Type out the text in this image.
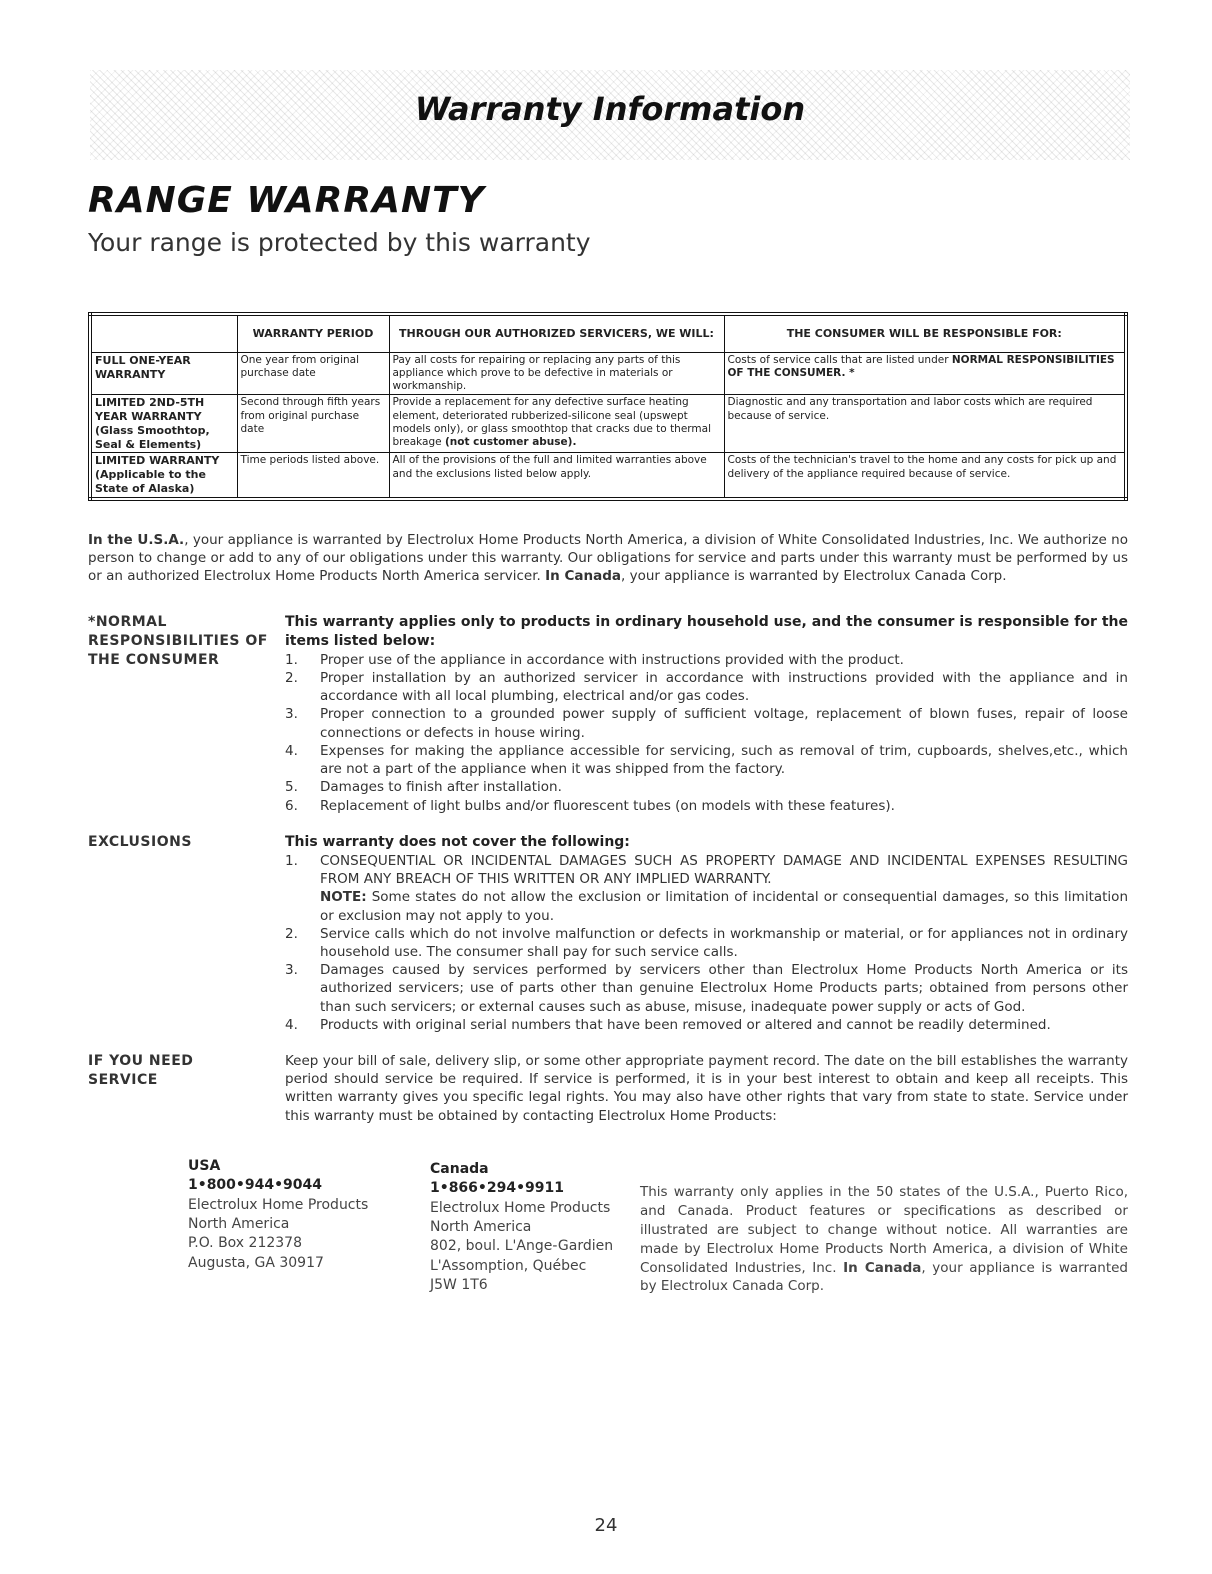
Warranty Information
RANGE WARRANTY
Your range is protected by this warranty
	WARRANTY PERIOD	THROUGH OUR AUTHORIZED SERVICERS, WE WILL:	THE CONSUMER WILL BE RESPONSIBLE FOR:
FULL ONE-YEAR WARRANTY	One year from original purchase date	Pay all costs for repairing or replacing any parts of this appliance which prove to be defective in materials or workmanship.	Costs of service calls that are listed under NORMAL RESPONSIBILITIES OF THE CONSUMER. *
LIMITED 2ND-5TH YEAR WARRANTY (Glass Smoothtop, Seal & Elements)	Second through fifth years from original purchase date	Provide a replacement for any defective surface heating element, deteriorated rubberized-silicone seal (upswept models only), or glass smoothtop that cracks due to thermal breakage (not customer abuse).	Diagnostic and any transportation and labor costs which are required because of service.
LIMITED WARRANTY (Applicable to the State of Alaska)	Time periods listed above.	All of the provisions of the full and limited warranties above and the exclusions listed below apply.	Costs of the technician's travel to the home and any costs for pick up and delivery of the appliance required because of service.
In the U.S.A., your appliance is warranted by Electrolux Home Products North America, a division of White Consolidated Industries, Inc. We authorize no person to change or add to any of our obligations under this warranty. Our obligations for service and parts under this warranty must be performed by us or an authorized Electrolux Home Products North America servicer. In Canada, your appliance is warranted by Electrolux Canada Corp.
*NORMAL RESPONSIBILITIES OF THE CONSUMER
This warranty applies only to products in ordinary household use, and the consumer is responsible for the items listed below:
1.	Proper use of the appliance in accordance with instructions provided with the product.
2.	Proper installation by an authorized servicer in accordance with instructions provided with the appliance and in accordance with all local plumbing, electrical and/or gas codes.
3.	Proper connection to a grounded power supply of sufficient voltage, replacement of blown fuses, repair of loose connections or defects in house wiring.
4.	Expenses for making the appliance accessible for servicing, such as removal of trim, cupboards, shelves,etc., which are not a part of the appliance when it was shipped from the factory.
5.	Damages to finish after installation.
6.	Replacement of light bulbs and/or fluorescent tubes (on models with these features).
EXCLUSIONS	This warranty does not cover the following:
1.	CONSEQUENTIAL OR INCIDENTAL DAMAGES SUCH AS PROPERTY DAMAGE AND INCIDENTAL EXPENSES RESULTING FROM ANY BREACH OF THIS WRITTEN OR ANY IMPLIED WARRANTY.
NOTE: Some states do not allow the exclusion or limitation of incidental or consequential damages, so this limitation or exclusion may not apply to you.
2.	Service calls which do not involve malfunction or defects in workmanship or material, or for appliances not in ordinary household use. The consumer shall pay for such service calls.
3.	Damages caused by services performed by servicers other than Electrolux Home Products North America or its authorized servicers; use of parts other than genuine Electrolux Home Products parts; obtained from persons other than such servicers; or external causes such as abuse, misuse, inadequate power supply or acts of God.
4.	Products with original serial numbers that have been removed or altered and cannot be readily determined.
IF YOU NEED SERVICE
Keep your bill of sale, delivery slip, or some other appropriate payment record. The date on the bill establishes the warranty period should service be required. If service is performed, it is in your best interest to obtain and keep all receipts. This written warranty gives you specific legal rights. You may also have other rights that vary from state to state. Service under this warranty must be obtained by contacting Electrolux Home Products:
USA
1•800•944•9044
Electrolux Home Products
North America
P.O. Box 212378
Augusta, GA 30917
Canada
1•866•294•9911
Electrolux Home Products
North America
802, boul. L'Ange-Gardien
L'Assomption, Québec
J5W 1T6
This warranty only applies in the 50 states of the U.S.A., Puerto Rico, and Canada. Product features or specifications as described or illustrated are subject to change without notice. All warranties are made by Electrolux Home Products North America, a division of White Consolidated Industries, Inc. In Canada, your appliance is warranted by Electrolux Canada Corp.
24
